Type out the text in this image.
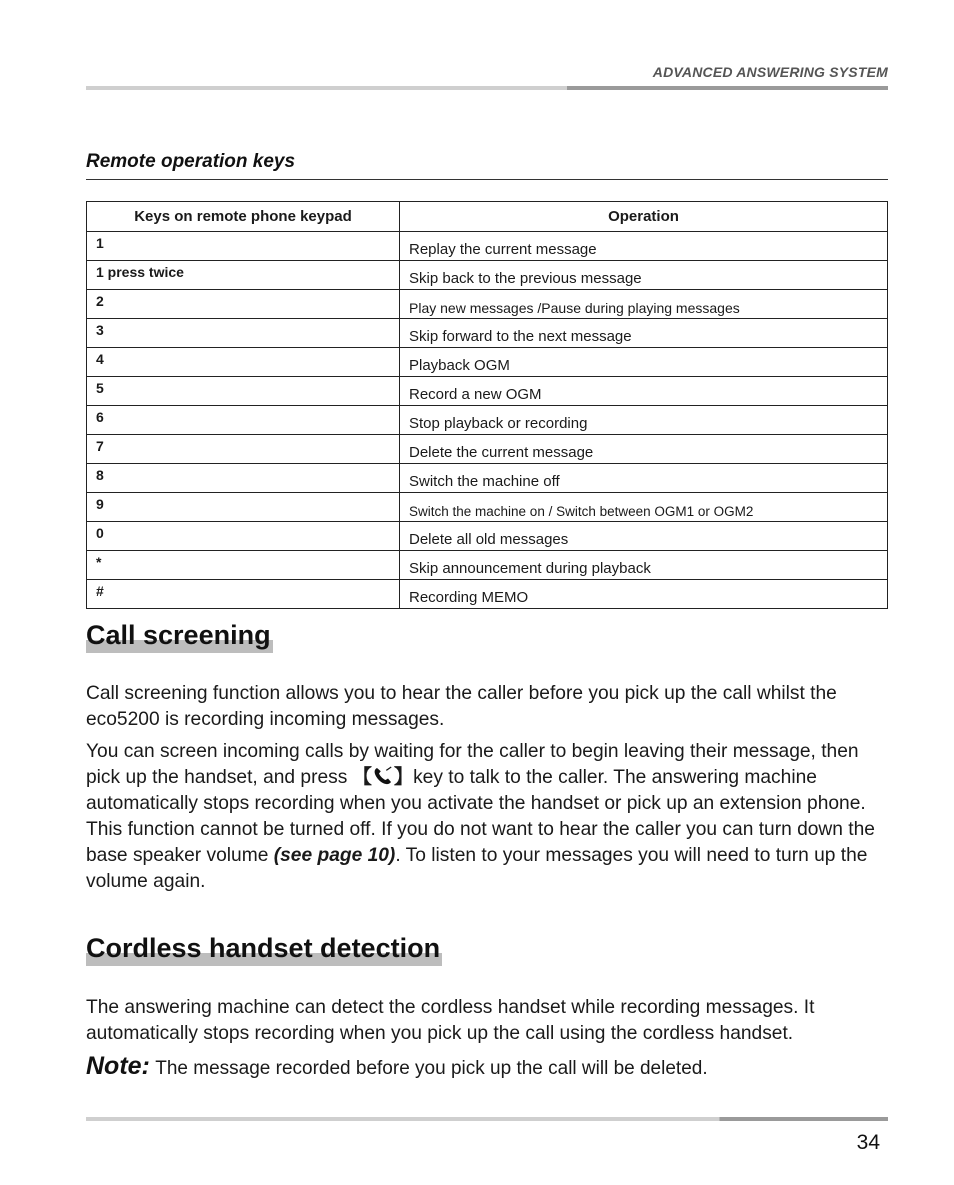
ADVANCED ANSWERING SYSTEM
Remote operation keys
Keys on remote phone keypad	Operation
1	Replay the current message
1 press twice	Skip back to the previous message
2	Play new messages /Pause during playing messages
3	Skip forward to the next message
4	Playback OGM
5	Record a new OGM
6	Stop playback or recording
7	Delete the current message
8	Switch the machine off
9	Switch the machine on / Switch between OGM1 or OGM2
0	Delete all old messages
*	Skip announcement during playback
#	Recording MEMO
Call screening

Call screening function allows you to hear the caller before you pick up the call whilst the eco5200 is recording incoming messages.

You can screen incoming calls by waiting for the caller to begin leaving their message, then pick up the handset, and press 【 】key to talk to the caller. The answering machine automatically stops recording when you activate the handset or pick up an extension phone. This function cannot be turned off. If you do not want to hear the caller you can turn down the base speaker volume (see page 10). To listen to your messages you will need to turn up the volume again.

Cordless handset detection

The answering machine can detect the cordless handset while recording messages. It automatically stops recording when you pick up the call using the cordless handset.

Note: The message recorded before you pick up the call will be deleted.

34
